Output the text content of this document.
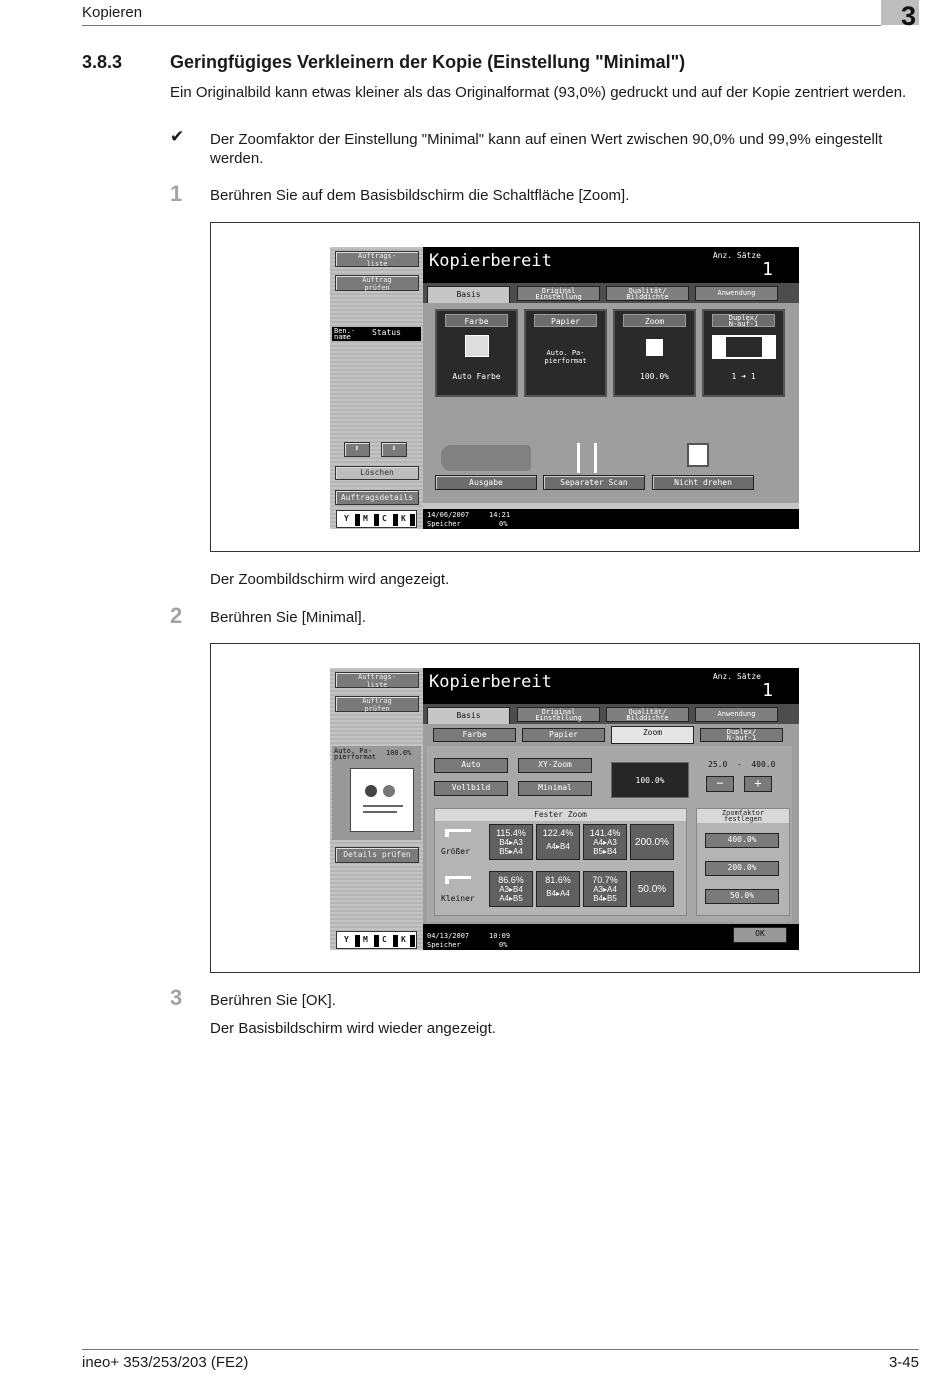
Kopieren	3
3.8.3	Geringfügiges Verkleinern der Kopie (Einstellung "Minimal")
Ein Originalbild kann etwas kleiner als das Originalformat (93,0%) gedruckt und auf der Kopie zentriert werden.
✔ Der Zoomfaktor der Einstellung "Minimal" kann auf einen Wert zwischen 90,0% und 99,9% eingestellt werden.
1 Berühren Sie auf dem Basisbildschirm die Schaltfläche [Zoom].
Auftrags-
liste
Auftrag
prüfen
Ben.-
name	Status
⬆	⬇
Löschen
Auftragsdetails
Kopierbereit	Anz. Sätze
1
Basis	Original
Einstellung
Qualität/
Bilddichte	Anwendung
Farbe
Auto Farbe
Papier
Auto. Pa-
pierformat
Zoom
100.0%
Duplex/
N-auf-1
1 ➜ 1
Ausgabe	Separater Scan	Nicht drehen
14/06/2007	14:21
Speicher	0%
Y M C K
Der Zoombildschirm wird angezeigt.
2 Berühren Sie [Minimal].
Auftrags-
liste
Auftrag
prüfen
Auto. Pa-
pierformat 100.0%
Details prüfen
Kopierbereit	Anz. Sätze
1
Basis	Original
Einstellung
Qualität/
Bilddichte	Anwendung
Farbe	Papier	Zoom	Duplex/
N-auf-1
Auto	XY-Zoom
Vollbild	Minimal
100.0%
25.0  -  400.0
−	+
Fester Zoom
Größer
115.4%
B4▸A3
B5▸A4
122.4%
A4▸B4
141.4%
A4▸A3
B5▸B4
200.0%
Kleiner
86.6%
A3▸B4
A4▸B5
81.6%
B4▸A4
70.7%
A3▸A4
B4▸B5
50.0%
Zoomfaktor
festlegen
400.0%
200.0%
50.0%
04/13/2007	10:09
Speicher	0%
OK
Y M C K
3 Berühren Sie [OK].
Der Basisbildschirm wird wieder angezeigt.
ineo+ 353/253/203 (FE2)	3-45
